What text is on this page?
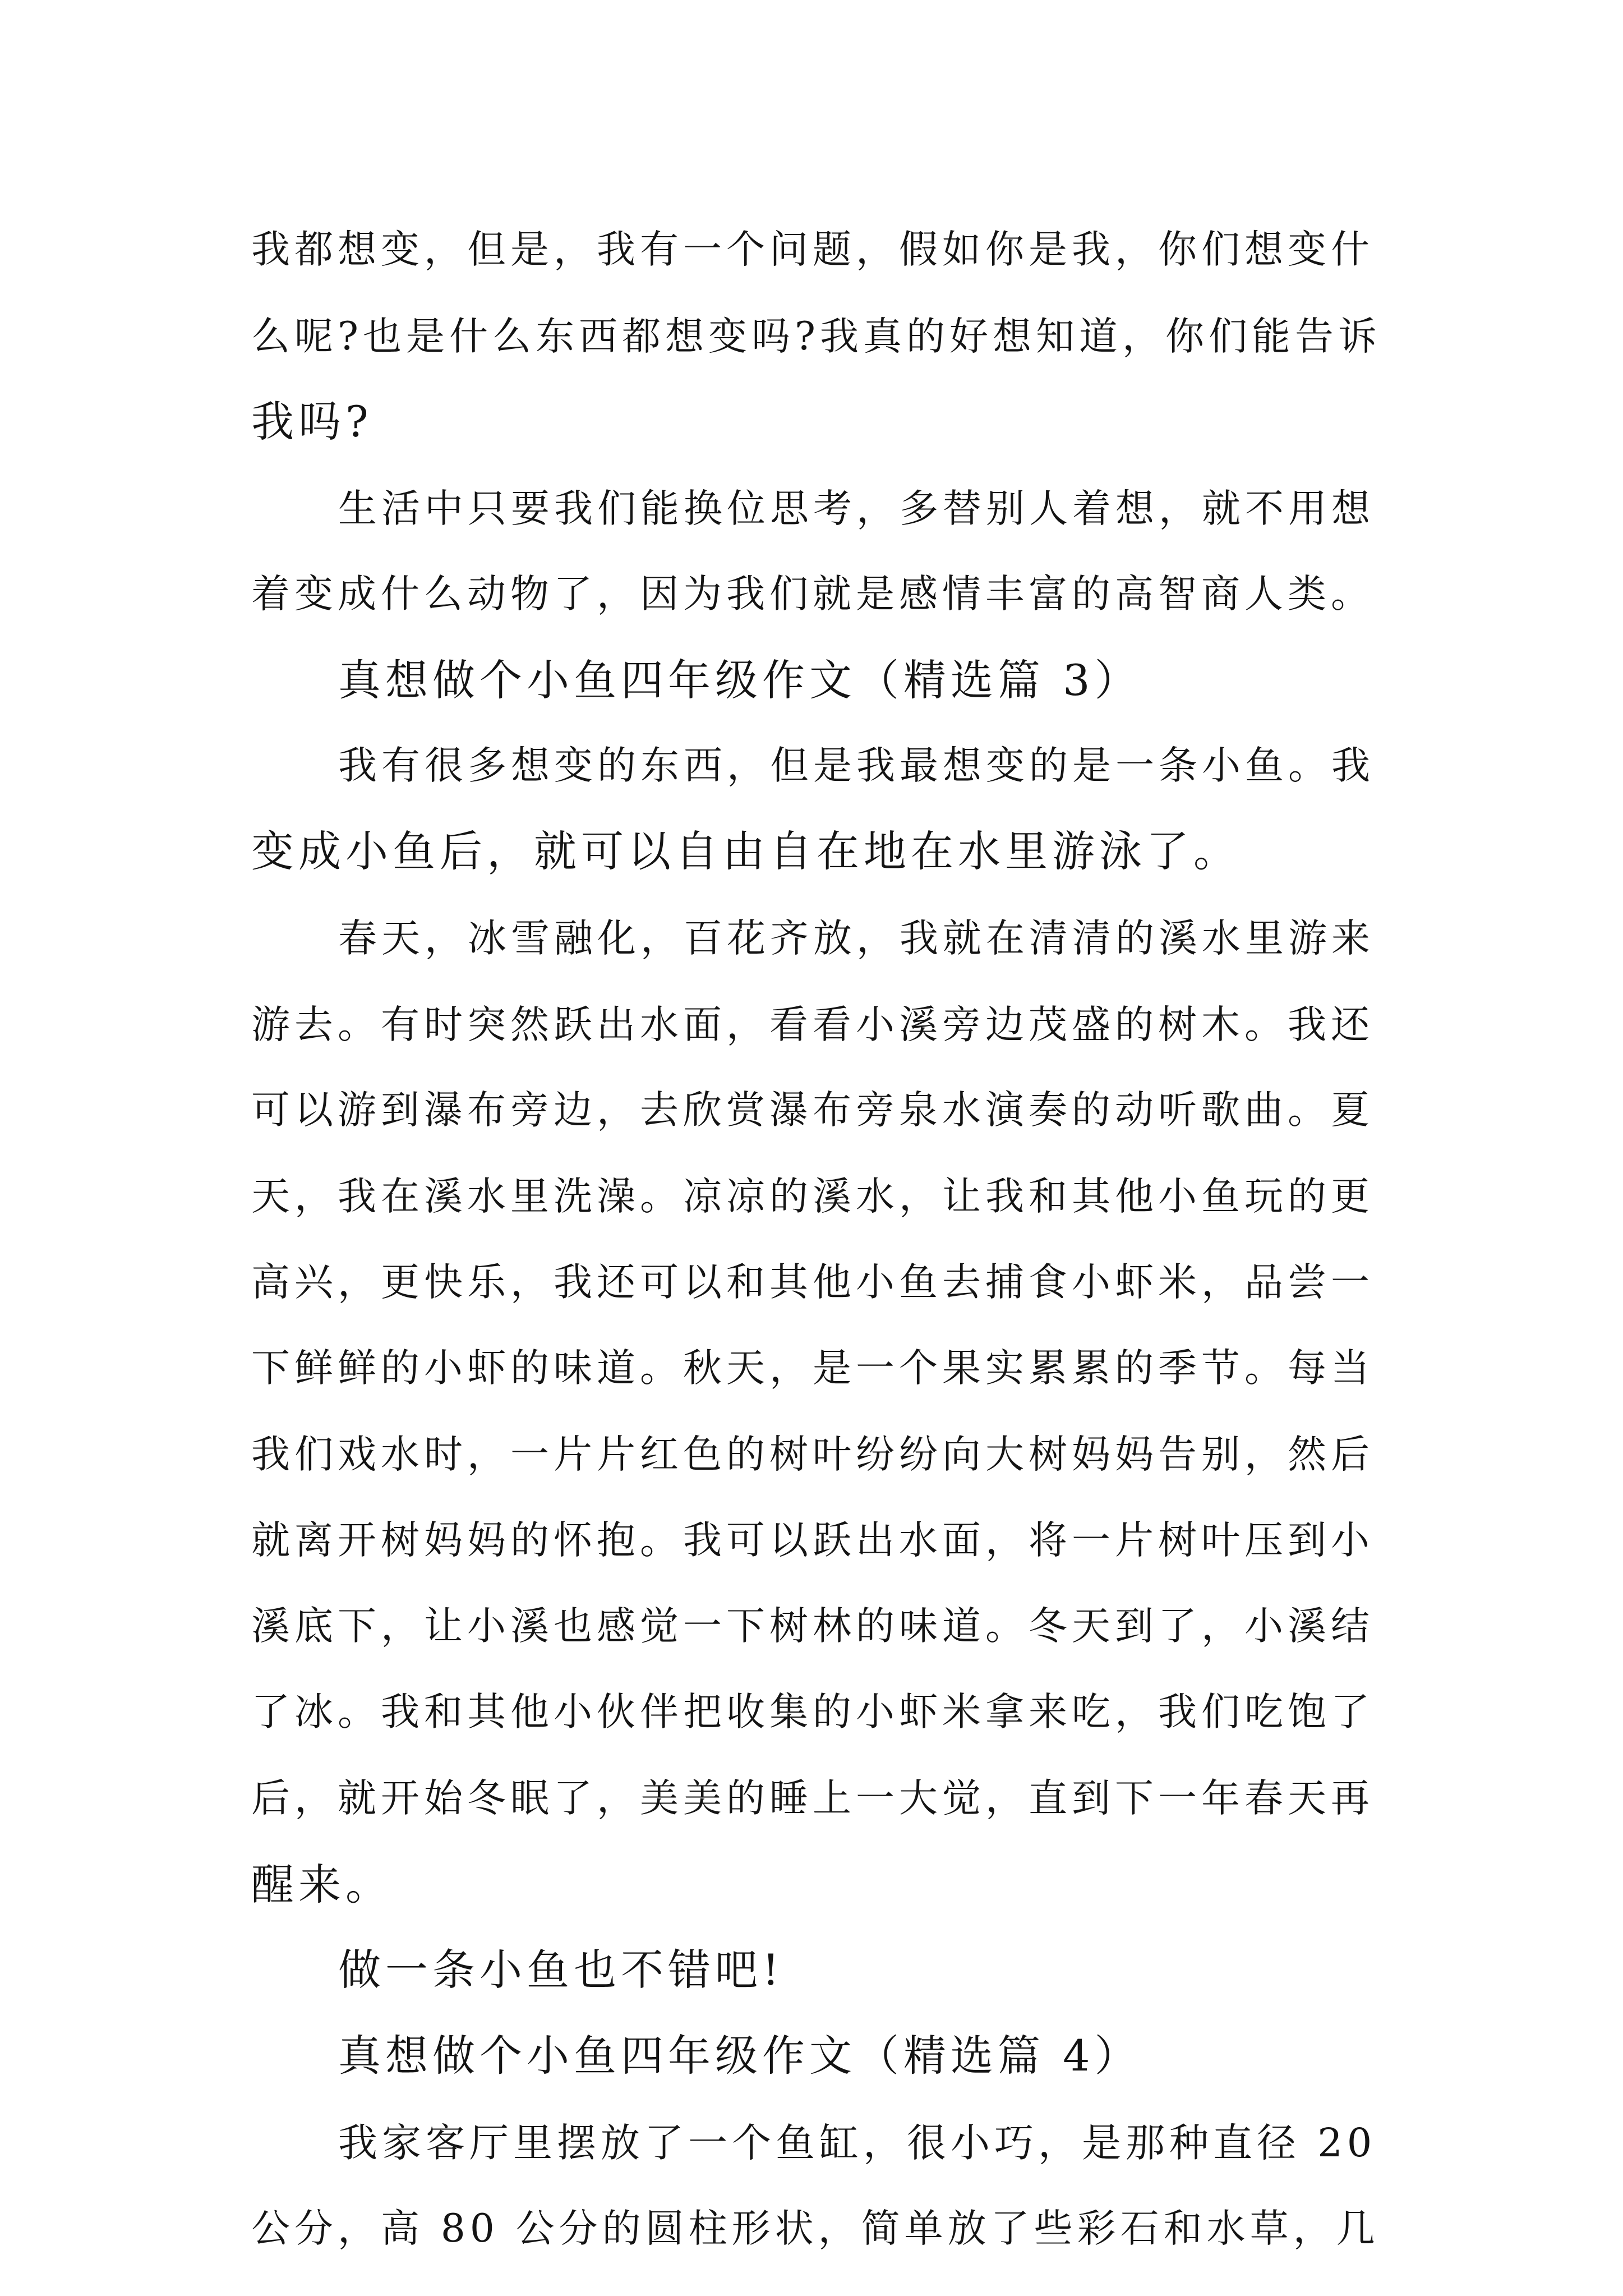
我都想变，但是，我有一个问题，假如你是我，你们想变什
么呢?也是什么东西都想变吗?我真的好想知道，你们能告诉
我吗?
生活中只要我们能换位思考，多替别人着想，就不用想
着变成什么动物了，因为我们就是感情丰富的高智商人类。
真想做个小鱼四年级作文（精选篇 3）
我有很多想变的东西，但是我最想变的是一条小鱼。我
变成小鱼后，就可以自由自在地在水里游泳了。
春天，冰雪融化，百花齐放，我就在清清的溪水里游来
游去。有时突然跃出水面，看看小溪旁边茂盛的树木。我还
可以游到瀑布旁边，去欣赏瀑布旁泉水演奏的动听歌曲。夏
天，我在溪水里洗澡。凉凉的溪水，让我和其他小鱼玩的更
高兴，更快乐，我还可以和其他小鱼去捕食小虾米，品尝一
下鲜鲜的小虾的味道。秋天，是一个果实累累的季节。每当
我们戏水时，一片片红色的树叶纷纷向大树妈妈告别，然后
就离开树妈妈的怀抱。我可以跃出水面，将一片树叶压到小
溪底下，让小溪也感觉一下树林的味道。冬天到了，小溪结
了冰。我和其他小伙伴把收集的小虾米拿来吃，我们吃饱了
后，就开始冬眠了，美美的睡上一大觉，直到下一年春天再
醒来。
做一条小鱼也不错吧!
真想做个小鱼四年级作文（精选篇 4）
我家客厅里摆放了一个鱼缸，很小巧，是那种直径 20
公分，高 80 公分的圆柱形状，简单放了些彩石和水草，几
